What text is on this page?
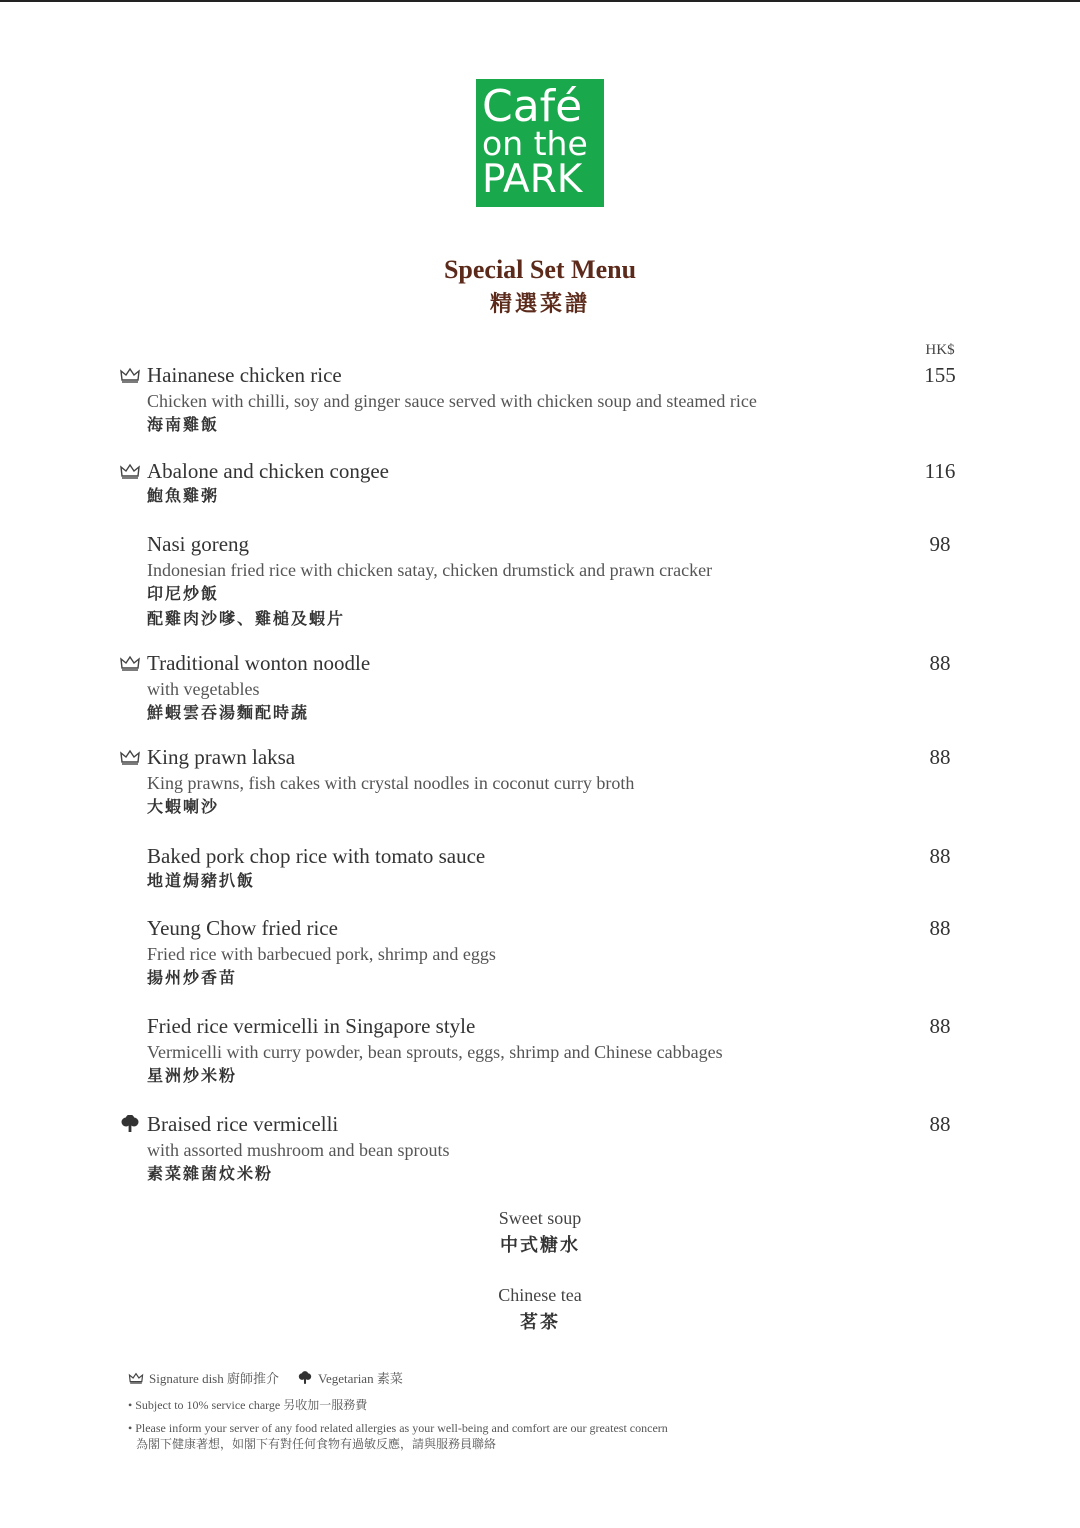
Café
on the
PARK
Special Set Menu
精選菜譜
HK$
Hainanese chicken rice
Chicken with chilli, soy and ginger sauce served with chicken soup and steamed rice
海南雞飯
155
Abalone and chicken congee
鮑魚雞粥
116
Nasi goreng
Indonesian fried rice with chicken satay, chicken drumstick and prawn cracker
印尼炒飯
配雞肉沙嗲、雞槌及蝦片
98
Traditional wonton noodle
with vegetables
鮮蝦雲吞湯麵配時蔬
88
King prawn laksa
King prawns, fish cakes with crystal noodles in coconut curry broth
大蝦喇沙
88
Baked pork chop rice with tomato sauce
地道焗豬扒飯
88
Yeung Chow fried rice
Fried rice with barbecued pork, shrimp and eggs
揚州炒香苗
88
Fried rice vermicelli in Singapore style
Vermicelli with curry powder, bean sprouts, eggs, shrimp and Chinese cabbages
星洲炒米粉
88
Braised rice vermicelli
with assorted mushroom and bean sprouts
素菜雜菌炆米粉
88
Sweet soup
中式糖水
Chinese tea
茗茶
Signature dish 廚師推介	Vegetarian 素菜
• Subject to 10% service charge 另收加一服務費
• Please inform your server of any food related allergies as your well-being and comfort are our greatest concern
為閣下健康著想，如閣下有對任何食物有過敏反應，請與服務員聯絡
